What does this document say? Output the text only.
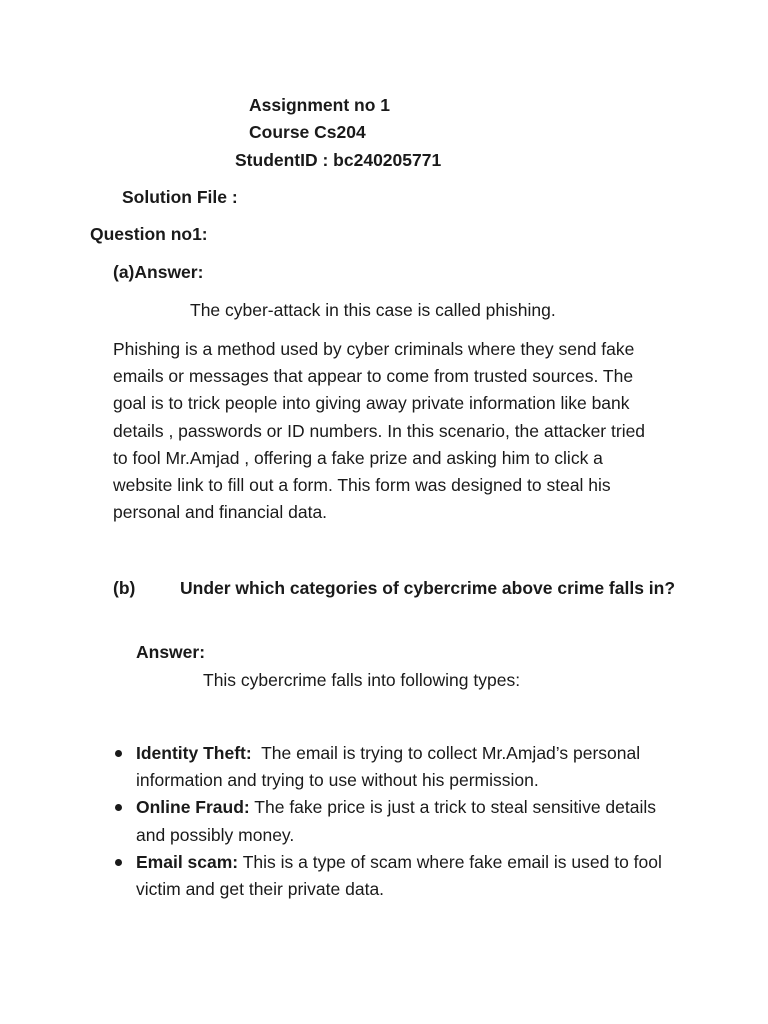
Assignment no 1
Course Cs204
StudentID : bc240205771
Solution File :
Question no1:
(a)Answer:
The cyber-attack in this case is called phishing.
Phishing is a method used by cyber criminals where they send fake
emails or messages that appear to come from trusted sources. The
goal is to trick people into giving away private information like bank
details , passwords or ID numbers. In this scenario, the attacker tried
to fool Mr.Amjad , offering a fake prize and asking him to click a
website link to fill out a form. This form was designed to steal his
personal and financial data.
(b)	Under which categories of cybercrime above crime falls in?
Answer:
This cybercrime falls into following types:
Identity Theft: The email is trying to collect Mr.Amjad’s personal
information and trying to use without his permission.
Online Fraud: The fake price is just a trick to steal sensitive details
and possibly money.
Email scam: This is a type of scam where fake email is used to fool
victim and get their private data.
